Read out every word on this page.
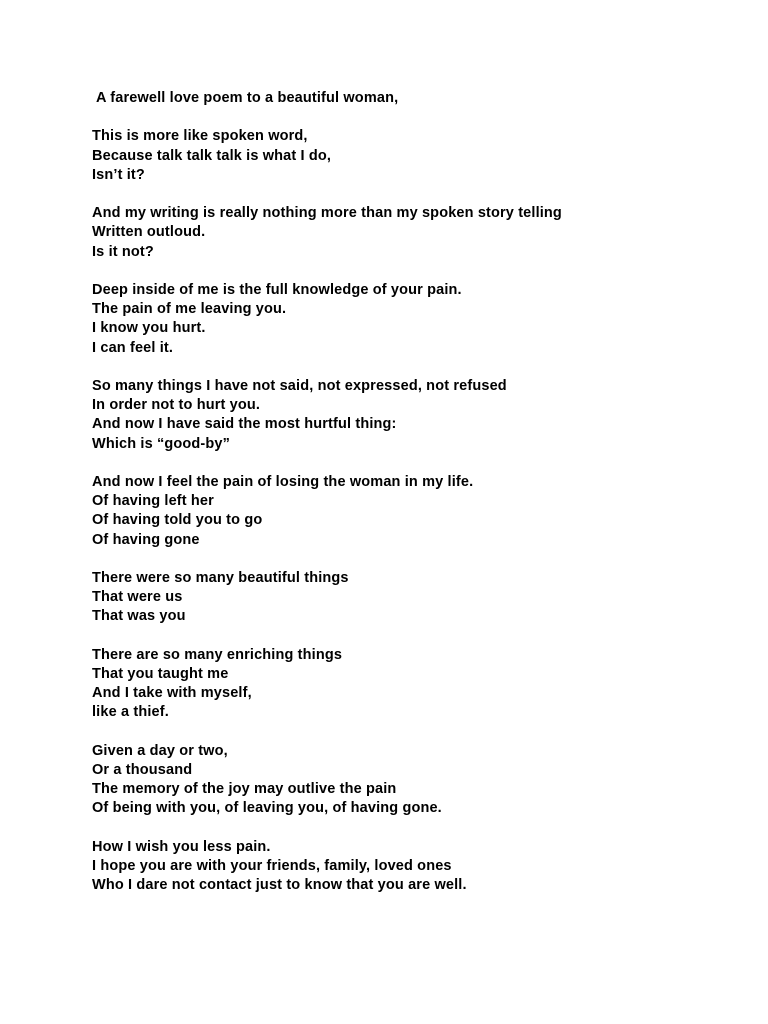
A farewell love poem to a beautiful woman,
This is more like spoken word,
Because talk talk talk is what I do,
Isn’t it?
And my writing is really nothing more than my spoken story telling
Written outloud.
Is it not?
Deep inside of me is the full knowledge of your pain.
The pain of me leaving you.
I know you hurt.
I can feel it.
So many things I have not said, not expressed, not refused
In order not to hurt you.
And now I have said the most hurtful thing:
Which is “good-by”
And now I feel the pain of losing the woman in my life.
Of having left her
Of having told you to go
Of having gone
There were so many beautiful things
That were us
That was you
There are so many enriching things
That you taught me
And I take with myself,
like a thief.
Given a day or two,
Or a thousand
The memory of the joy may outlive the pain
Of being with you, of leaving you, of having gone.
How I wish you less pain.
I hope you are with your friends, family, loved ones
Who I dare not contact just to know that you are well.
